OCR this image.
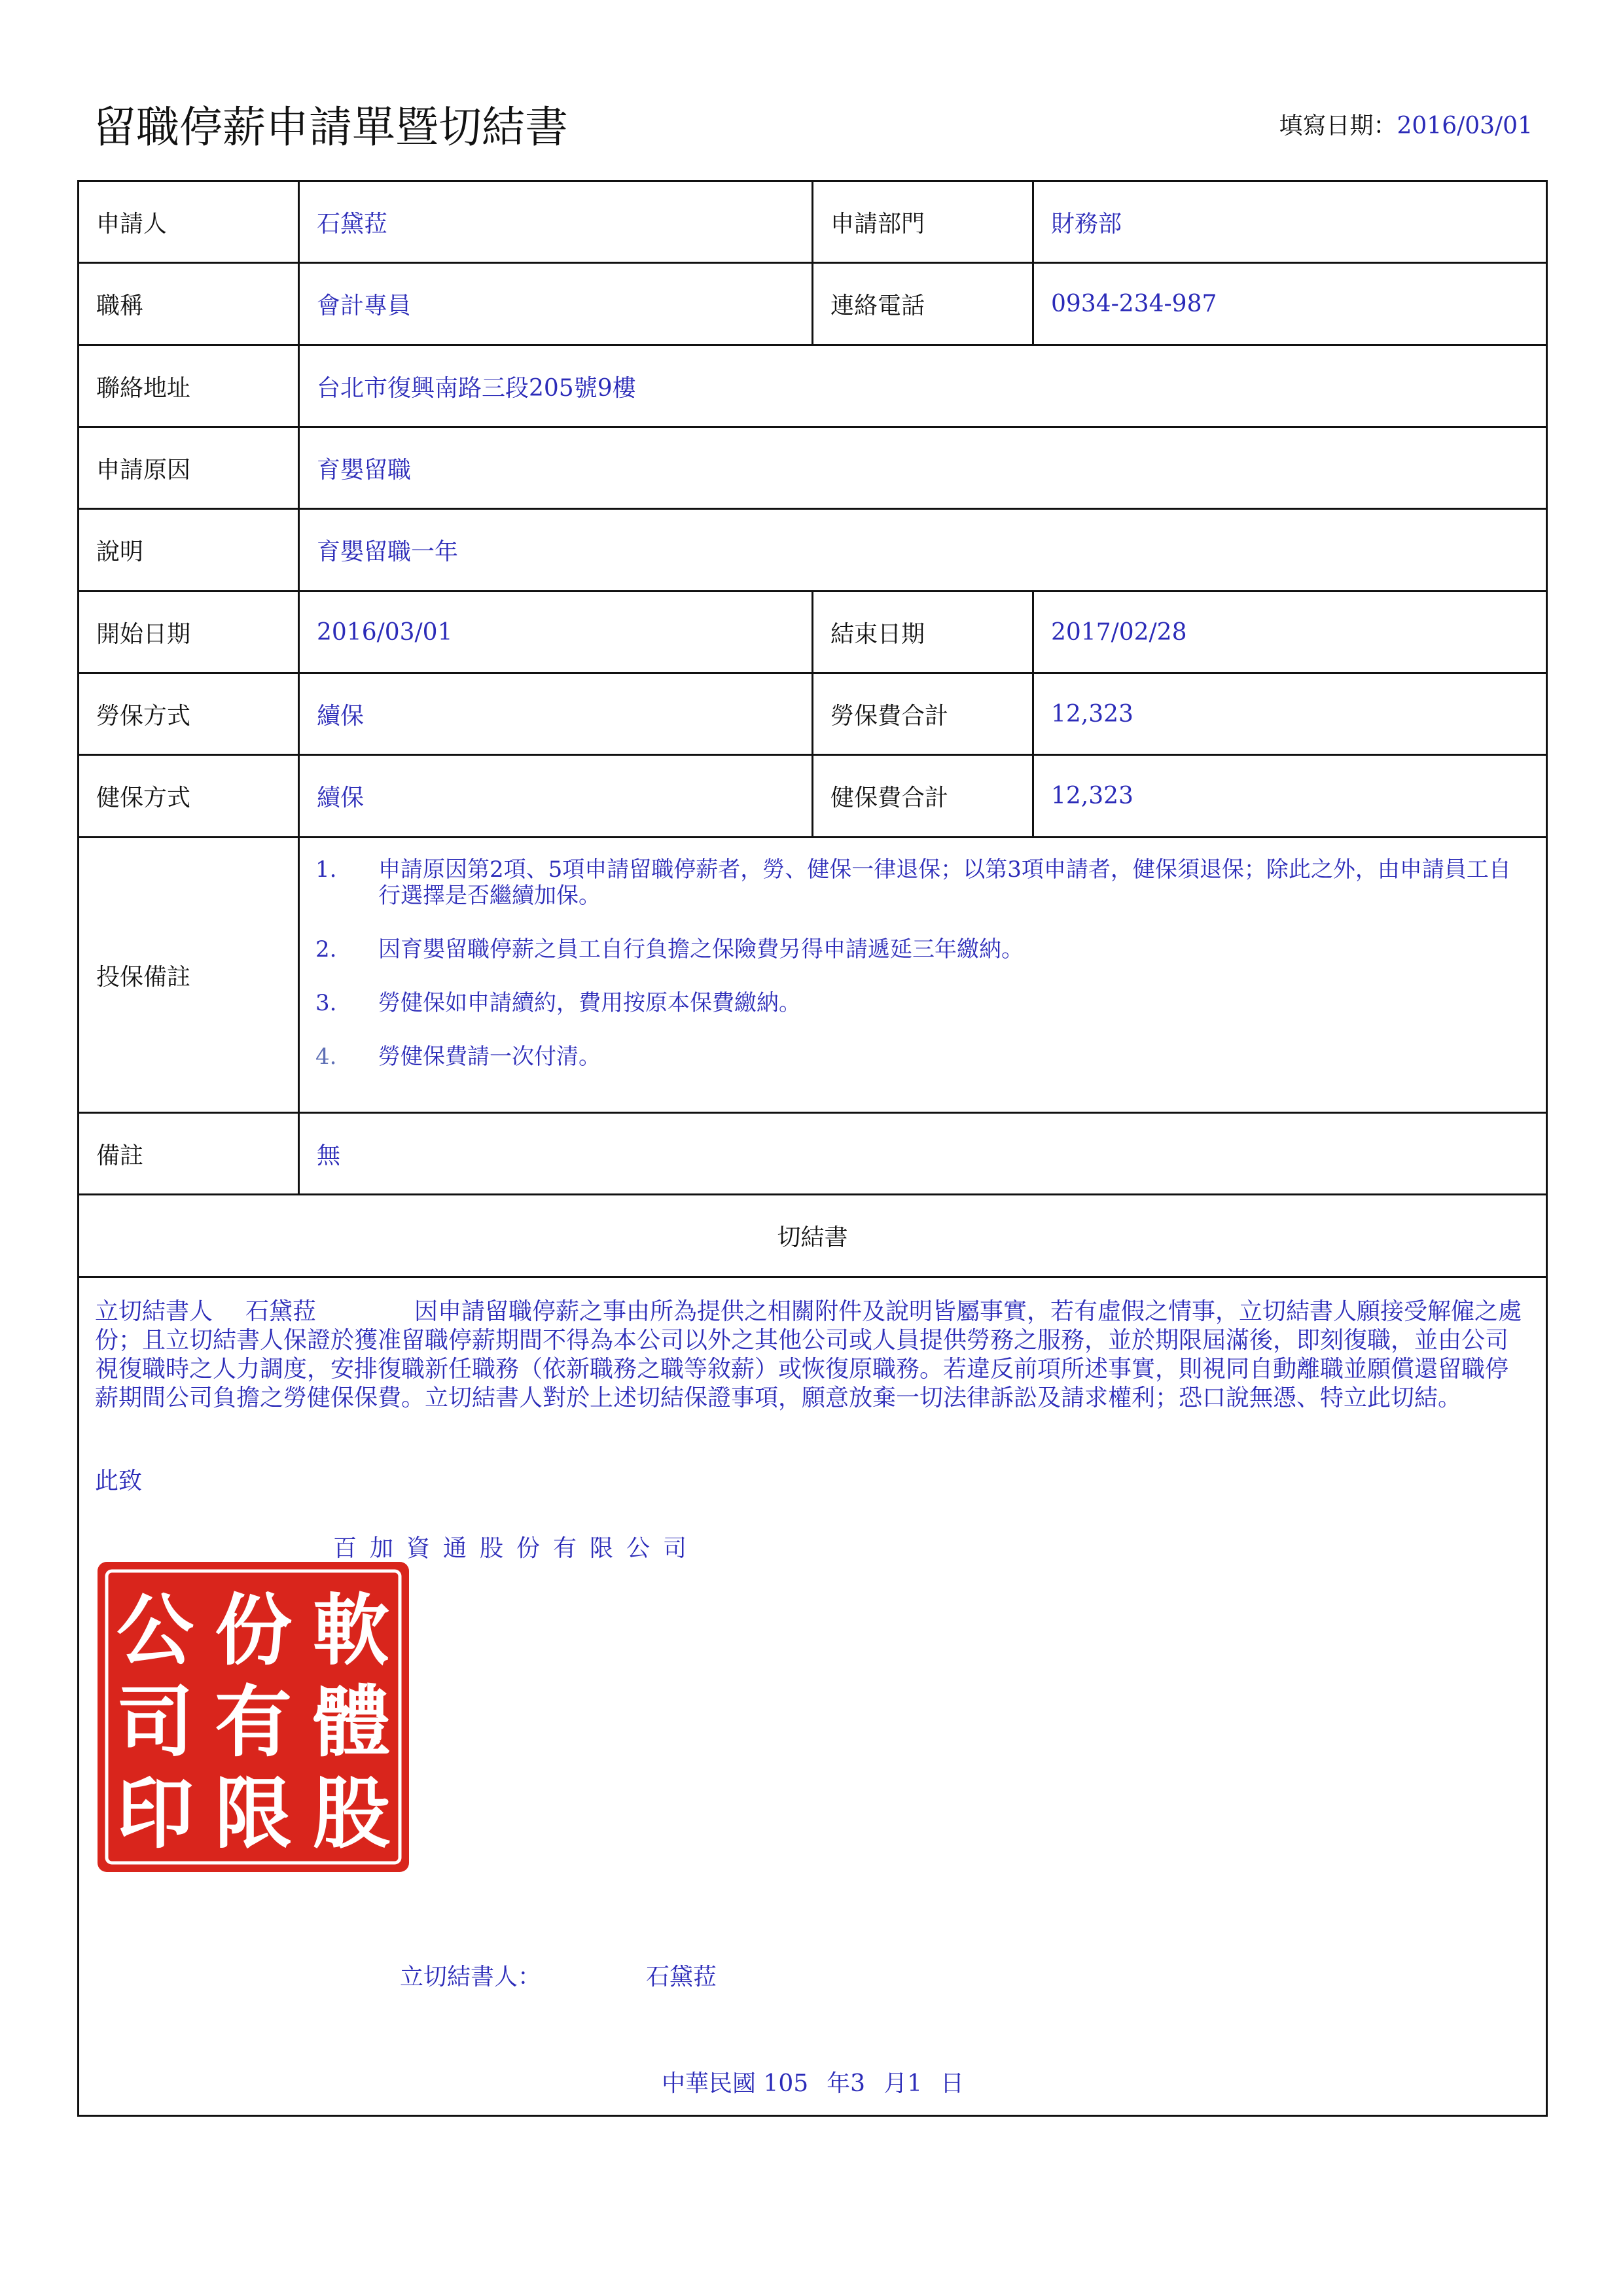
留職停薪申請單暨切結書	填寫日期：2016/03/01
申請人	石黛菈	申請部門	財務部
職稱	會計專員	連絡電話	0934-234-987
聯絡地址	台北市復興南路三段205號9樓
申請原因	育嬰留職
說明	育嬰留職一年
開始日期	2016/03/01	結束日期	2017/02/28
勞保方式	續保	勞保費合計	12,323
健保方式	續保	健保費合計	12,323
投保備註
1. 申請原因第2項、5項申請留職停薪者，勞、健保一律退保；以第3項申請者，健保須退保；除此之外，由申請員工自行選擇是否繼續加保。
2. 因育嬰留職停薪之員工自行負擔之保險費另得申請遞延三年繳納。
3. 勞健保如申請續約，費用按原本保費繳納。
4. 勞健保費請一次付清。
備註	無
切結書
立切結書人 石黛菈	因申請留職停薪之事由所為提供之相關附件及說明皆屬事實，若有虛假之情事，立切結書人願接受解僱之處份；且立切結書人保證於獲准留職停薪期間不得為本公司以外之其他公司或人員提供勞務之服務，並於期限屆滿後，即刻復職，並由公司視復職時之人力調度，安排復職新任職務（依新職務之職等敘薪）或恢復原職務。若違反前項所述事實，則視同自動離職並願償還留職停薪期間公司負擔之勞健保保費。立切結書人對於上述切結保證事項，願意放棄一切法律訴訟及請求權利；恐口說無憑、特立此切結。
此致
百加資通股份有限公司
軟
體
股
份
有
限
公
司
印
立切結書人：	石黛菈
中華民國 105 年3 月1 日
